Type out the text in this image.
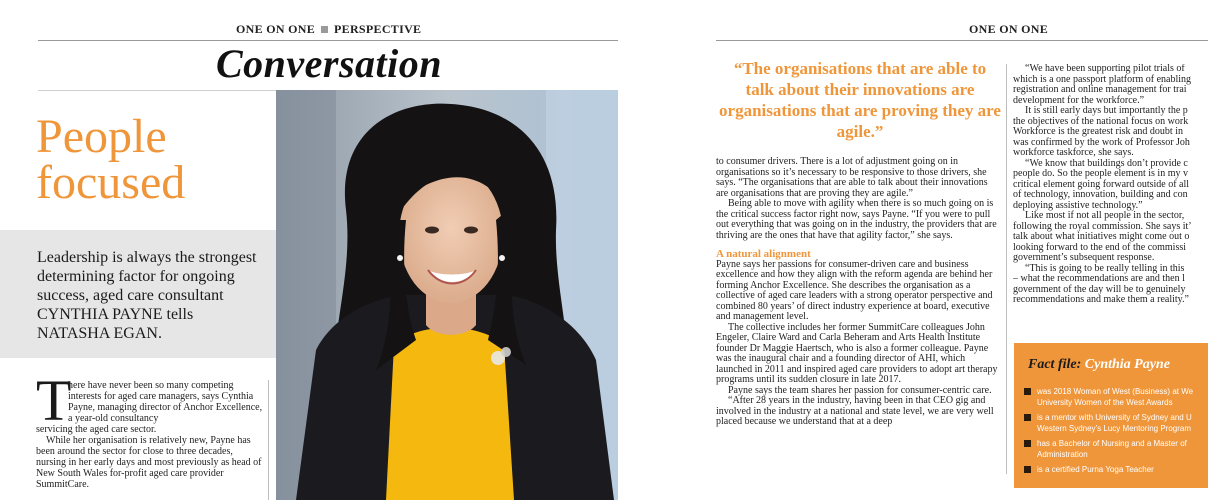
ONE ON ONE PERSPECTIVE
Conversation
People
focused
Leadership is always the strongest determining factor for ongoing success, aged care consultant CYNTHIA PAYNE tells NATASHA EGAN.
T
here have never been so many competing interests for aged care managers, says Cynthia Payne, managing director of Anchor Excellence, a year-old consultancy
servicing the aged care sector.
While her organisation is relatively new, Payne has been around the sector for close to three decades, nursing in her early days and most previously as head of New South Wales for-profit aged care provider SummitCare.
ONE ON ONE
“The organisations that are able to talk about their innovations are organisations that are proving they are agile.”

to consumer drivers. There is a lot of adjustment going on in organisations so it’s necessary to be responsive to those drivers, she says. “The organisations that are able to talk about their innovations are organisations that are proving they are agile.”

Being able to move with agility when there is so much going on is the critical success factor right now, says Payne. “If you were to pull out everything that was going on in the industry, the providers that are thriving are the ones that have that agility factor,” she says.

A natural alignment

Payne says her passions for consumer-driven care and business excellence and how they align with the reform agenda are behind her forming Anchor Excellence. She describes the organisation as a collective of aged care leaders with a strong operator perspective and combined 80 years’ of direct industry experience at board, executive and management level.

The collective includes her former SummitCare colleagues John Engeler, Claire Ward and Carla Beheram and Arts Health Institute founder Dr Maggie Haertsch, who is also a former colleague. Payne was the inaugural chair and a founding director of AHI, which launched in 2011 and inspired aged care providers to adopt art therapy programs until its sudden closure in late 2017.

Payne says the team shares her passion for consumer-centric care.

“After 28 years in the industry, having been in that CEO gig and involved in the industry at a national and state level, we are very well placed because we understand that at a deep

“We have been supporting pilot trials of

which is a one passport platform of enabling

registration and online management for trai

development for the workforce.”

It is still early days but importantly the p

the objectives of the national focus on work

Workforce is the greatest risk and doubt in

was confirmed by the work of Professor Joh

workforce taskforce, she says.

“We know that buildings don’t provide c

people do. So the people element is in my v

critical element going forward outside of all

of technology, innovation, building and con

deploying assistive technology.”

Like most if not all people in the sector,

following the royal commission. She says it’

talk about what initiatives might come out o

looking forward to the end of the commissi

government’s subsequent response.

“This is going to be really telling in this

– what the recommendations are and then l

government of the day will be to genuinely

recommendations and make them a reality.”

Fact file: Cynthia Payne
was 2018 Woman of West (Business) at We
University Women of the West Awards
is a mentor with University of Sydney and U
Western Sydney’s Lucy Mentoring Program
has a Bachelor of Nursing and a Master of
Administration
is a certified Purna Yoga Teacher
